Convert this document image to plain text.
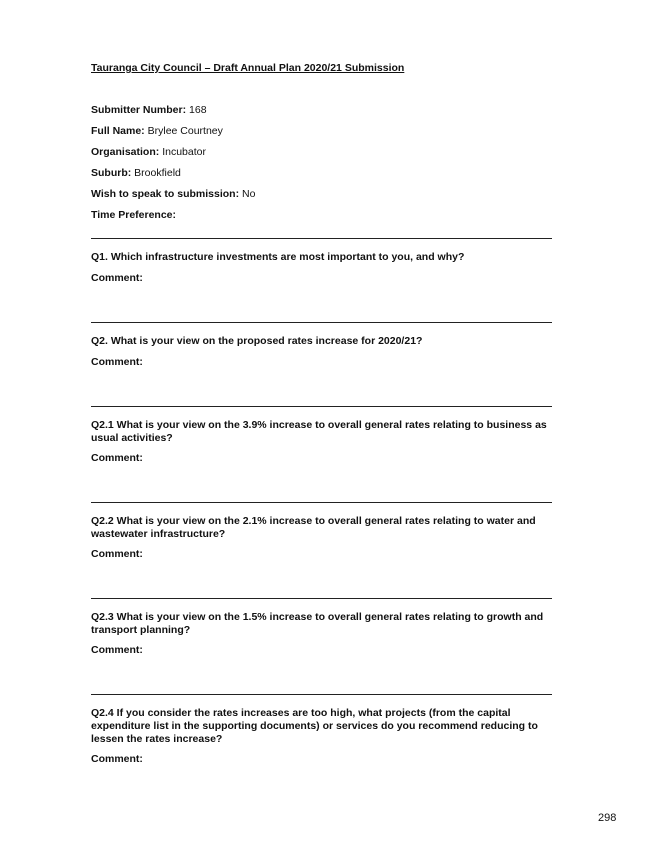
Tauranga City Council – Draft Annual Plan 2020/21 Submission
Submitter Number: 168
Full Name: Brylee Courtney
Organisation: Incubator
Suburb: Brookfield
Wish to speak to submission: No
Time Preference:
Q1. Which infrastructure investments are most important to you, and why?
Comment:
Q2. What is your view on the proposed rates increase for 2020/21?
Comment:
Q2.1 What is your view on the 3.9% increase to overall general rates relating to business as usual activities?
Comment:
Q2.2 What is your view on the 2.1% increase to overall general rates relating to water and wastewater infrastructure?
Comment:
Q2.3 What is your view on the 1.5% increase to overall general rates relating to growth and transport planning?
Comment:
Q2.4 If you consider the rates increases are too high, what projects (from the capital expenditure list in the supporting documents) or services do you recommend reducing to lessen the rates increase?
Comment:
298
